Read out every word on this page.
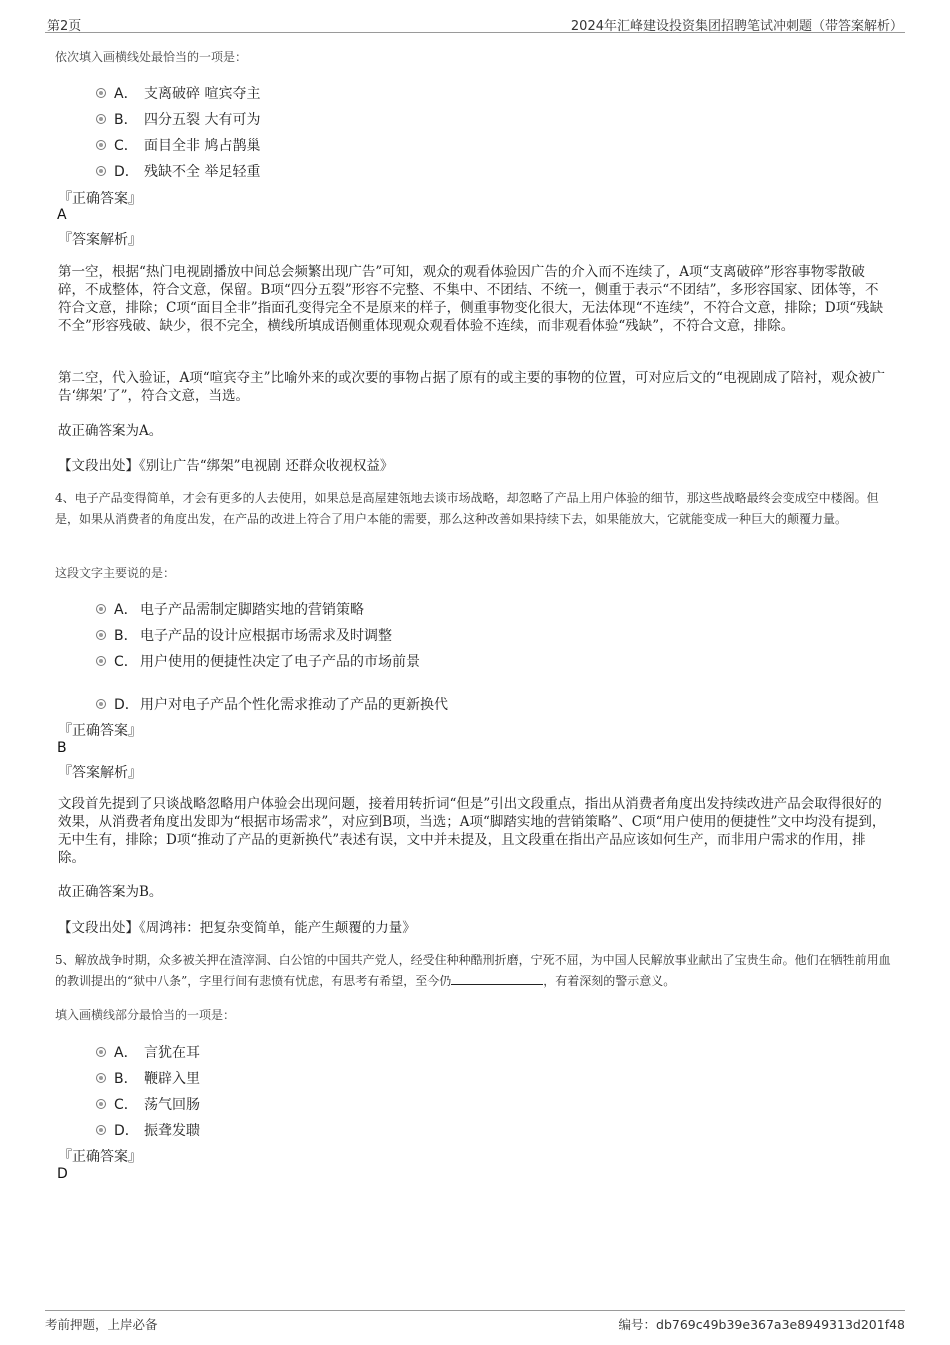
第2页	2024年汇峰建设投资集团招聘笔试冲刺题（带答案解析）
依次填入画横线处最恰当的一项是：
A． 支离破碎 喧宾夺主
B． 四分五裂 大有可为
C． 面目全非 鸠占鹊巢
D． 残缺不全 举足轻重
『正确答案』
A
『答案解析』
第一空，根据“热门电视剧播放中间总会频繁出现广告”可知，观众的观看体验因广告的介入而不连续了，A项“支离破碎”形容事物零散破碎，不成整体，符合文意，保留。B项“四分五裂”形容不完整、不集中、不团结、不统一，侧重于表示“不团结”，多形容国家、团体等，不符合文意，排除；C项“面目全非”指面孔变得完全不是原来的样子，侧重事物变化很大，无法体现“不连续”，不符合文意，排除；D项“残缺不全”形容残破、缺少，很不完全，横线所填成语侧重体现观众观看体验不连续，而非观看体验“残缺”，不符合文意，排除。
第二空，代入验证，A项“喧宾夺主”比喻外来的或次要的事物占据了原有的或主要的事物的位置，可对应后文的“电视剧成了陪衬，观众被广告‘绑架’了”，符合文意，当选。
故正确答案为A。
【文段出处】《别让广告“绑架”电视剧 还群众收视权益》
4、电子产品变得简单，才会有更多的人去使用，如果总是高屋建瓴地去谈市场战略，却忽略了产品上用户体验的细节，那这些战略最终会变成空中楼阁。但是，如果从消费者的角度出发，在产品的改进上符合了用户本能的需要，那么这种改善如果持续下去，如果能放大，它就能变成一种巨大的颠覆力量。
这段文字主要说的是：
A． 电子产品需制定脚踏实地的营销策略
B． 电子产品的设计应根据市场需求及时调整
C． 用户使用的便捷性决定了电子产品的市场前景
D． 用户对电子产品个性化需求推动了产品的更新换代
『正确答案』
B
『答案解析』
文段首先提到了只谈战略忽略用户体验会出现问题，接着用转折词“但是”引出文段重点，指出从消费者角度出发持续改进产品会取得很好的效果，从消费者角度出发即为“根据市场需求”，对应到B项，当选；A项“脚踏实地的营销策略”、C项“用户使用的便捷性”文中均没有提到，无中生有，排除；D项“推动了产品的更新换代”表述有误，文中并未提及，且文段重在指出产品应该如何生产，而非用户需求的作用，排除。
故正确答案为B。
【文段出处】《周鸿祎：把复杂变简单，能产生颠覆的力量》
5、解放战争时期，众多被关押在渣滓洞、白公馆的中国共产党人，经受住种种酷刑折磨，宁死不屈，为中国人民解放事业献出了宝贵生命。他们在牺牲前用血的教训提出的“狱中八条”，字里行间有悲愤有忧虑，有思考有希望，至今仍	，有着深刻的警示意义。
填入画横线部分最恰当的一项是：
A． 言犹在耳
B． 鞭辟入里
C． 荡气回肠
D． 振聋发聩
『正确答案』
D
考前押题，上岸必备	编号：db769c49b39e367a3e8949313d201f48
